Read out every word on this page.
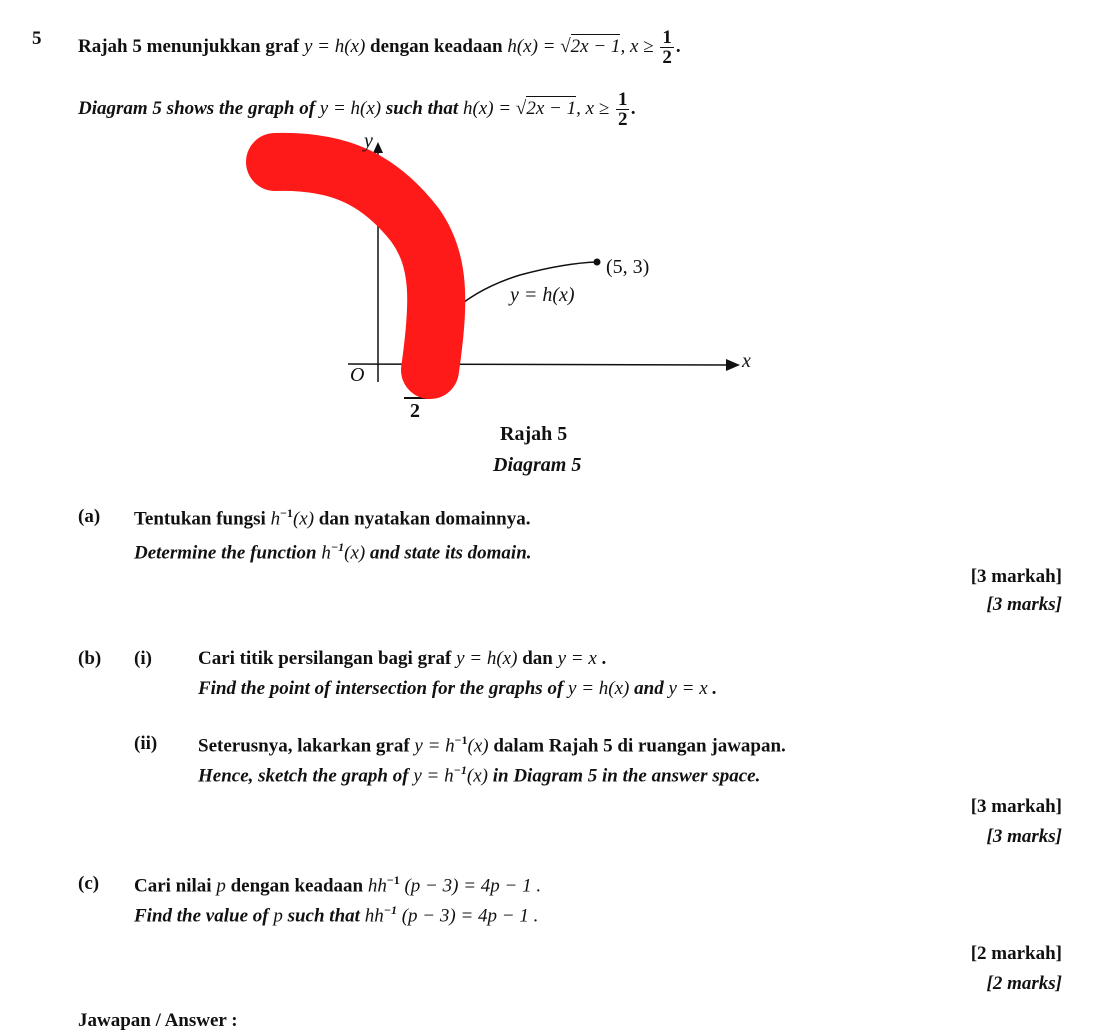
5 Rajah 5 menunjukkan graf y = h(x) dengan keadaan h(x) = √2x − 1, $x \ge \frac{1}{2}$ .
Diagram 5 shows the graph of y = h(x) such that h(x) = √2x − 1, $x \ge \frac{1}{2}$ .
y
x
O
(5, 3)
y = h(x)
2
Rajah 5
Diagram 5
(a) Tentukan fungsi $h^{-1}(x)$ dan nyatakan domainnya.
Determine the function $h^{-1}(x)$ and state its domain.
[3 markah]
[3 marks]
(b) (i) Cari titik persilangan bagi graf y = h(x) dan y = x .
Find the point of intersection for the graphs of y = h(x) and y = x .
(ii) Seterusnya, lakarkan graf $y = h^{-1}(x)$ dalam Rajah 5 di ruangan jawapan.
Hence, sketch the graph of $y = h^{-1}(x)$ in Diagram 5 in the answer space.
[3 markah]
[3 marks]
(c) Cari nilai p dengan keadaan $hh^{-1}$ (p − 3) = 4p − 1 .
Find the value of p such that $hh^{-1}$ (p − 3) = 4p − 1 .
[2 markah]
[2 marks]
Jawapan / Answer :
